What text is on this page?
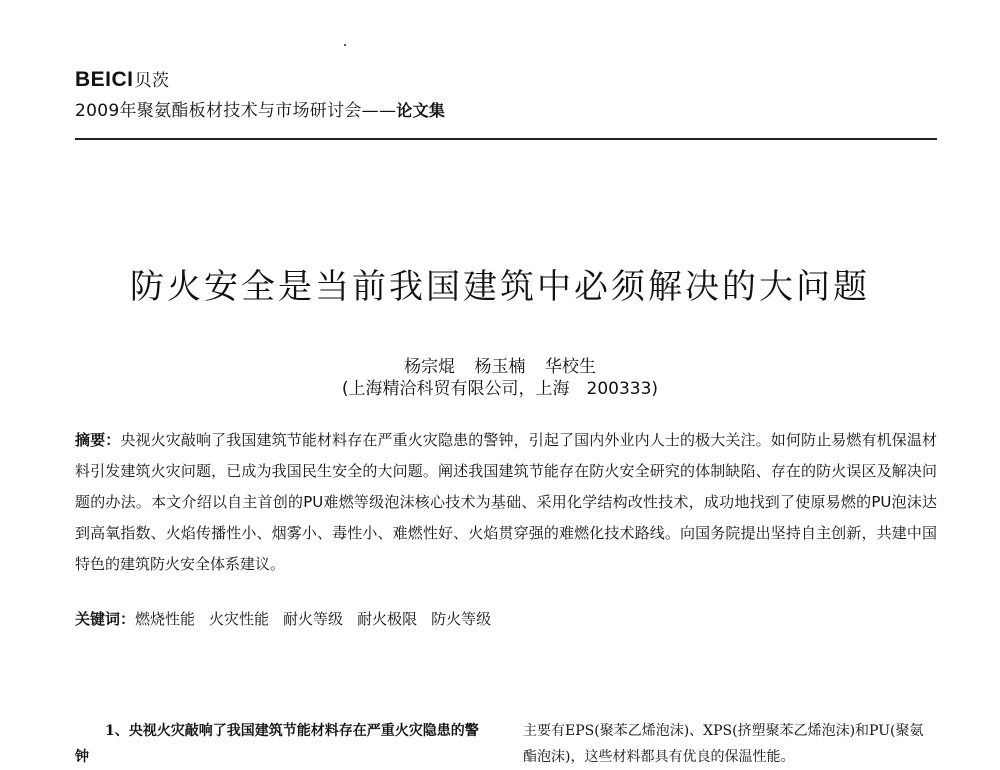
BEICI贝茨
2009年聚氨酯板材技术与市场研讨会——论文集
防火安全是当前我国建筑中必须解决的大问题
杨宗焜 杨玉楠 华校生
(上海精洽科贸有限公司，上海　200333)
摘要：央视火灾敲响了我国建筑节能材料存在严重火灾隐患的警钟，引起了国内外业内人士的极大关注。如何防止易燃有机保温材料引发建筑火灾问题，已成为我国民生安全的大问题。阐述我国建筑节能存在防火安全研究的体制缺陷、存在的防火误区及解决问题的办法。本文介绍以自主首创的PU难燃等级泡沫核心技术为基础、采用化学结构改性技术，成功地找到了使原易燃的PU泡沫达到高氧指数、火焰传播性小、烟雾小、毒性小、难燃性好、火焰贯穿强的难燃化技术路线。向国务院提出坚持自主创新，共建中国特色的建筑防火安全体系建议。
关键词：燃烧性能 火灾性能 耐火等级 耐火极限 防火等级
1、央视火灾敲响了我国建筑节能材料存在严重火灾隐患的警钟
主要有EPS(聚苯乙烯泡沫)、XPS(挤塑聚苯乙烯泡沫)和PU(聚氨酯泡沫)，这些材料都具有优良的保温性能。
